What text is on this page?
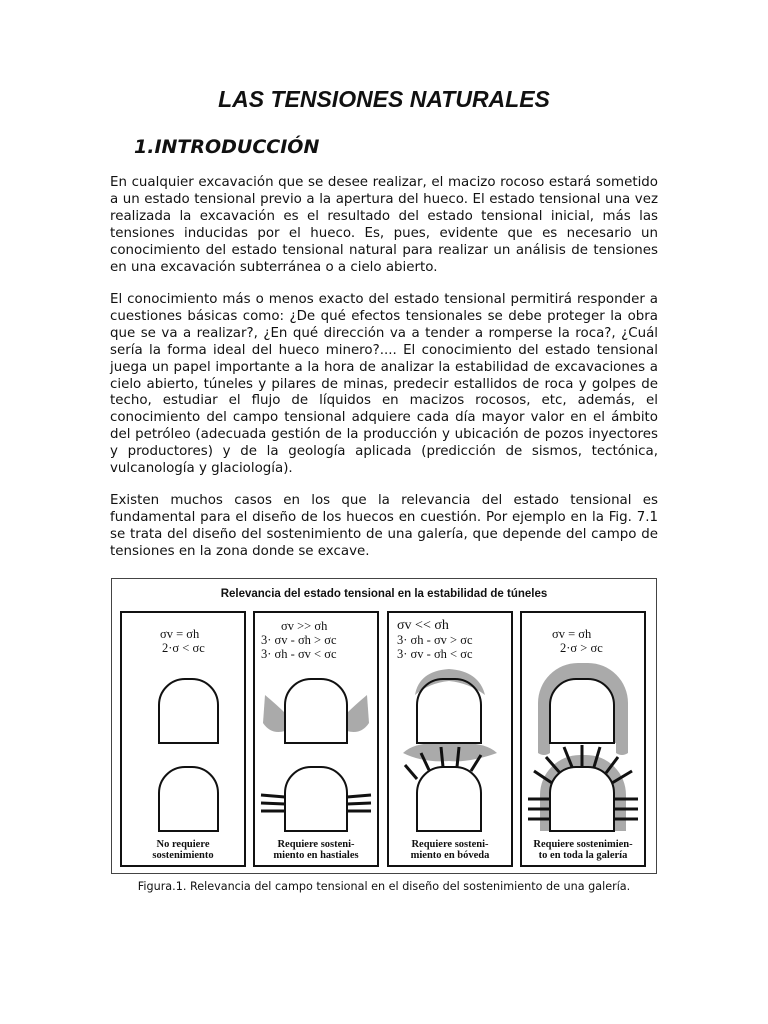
LAS TENSIONES NATURALES
1.INTRODUCCIÓN

En cualquier excavación que se desee realizar, el macizo rocoso estará sometido a un estado tensional previo a la apertura del hueco. El estado tensional una vez realizada la excavación es el resultado del estado tensional inicial, más las tensiones inducidas por el hueco. Es, pues, evidente que es necesario un conocimiento del estado tensional natural para realizar un análisis de tensiones en una excavación subterránea o a cielo abierto.

El conocimiento más o menos exacto del estado tensional permitirá responder a cuestiones básicas como: ¿De qué efectos tensionales se debe proteger la obra que se va a realizar?, ¿En qué dirección va a tender a romperse la roca?, ¿Cuál sería la forma ideal del hueco minero?.... El conocimiento del estado tensional juega un papel importante a la hora de analizar la estabilidad de excavaciones a cielo abierto, túneles y pilares de minas, predecir estallidos de roca y golpes de techo, estudiar el flujo de líquidos en macizos rocosos, etc, además, el conocimiento del campo tensional adquiere cada día mayor valor en el ámbito del petróleo (adecuada gestión de la producción y ubicación de pozos inyectores y productores) y de la geología aplicada (predicción de sismos, tectónica, vulcanología y glaciología).

Existen muchos casos en los que la relevancia del estado tensional es fundamental para el diseño de los huecos en cuestión. Por ejemplo en la Fig. 7.1 se trata del diseño del sostenimiento de una galería, que depende del campo de tensiones en la zona donde se excave.

Relevancia del estado tensional en la estabilidad de túneles

σv = σh
2·σ < σc
No requiere
sostenimiento
σv >> σh
3· σv - σh > σc
3· σh - σv < σc
Requiere sosteni-
miento en hastiales
σv << σh
3· σh - σv > σc
3· σv - σh < σc
Requiere sosteni-
miento en bóveda
σv = σh
2·σ > σc
Requiere sostenimien-
to en toda la galería

Figura.1. Relevancia del campo tensional en el diseño del sostenimiento de una galería.
